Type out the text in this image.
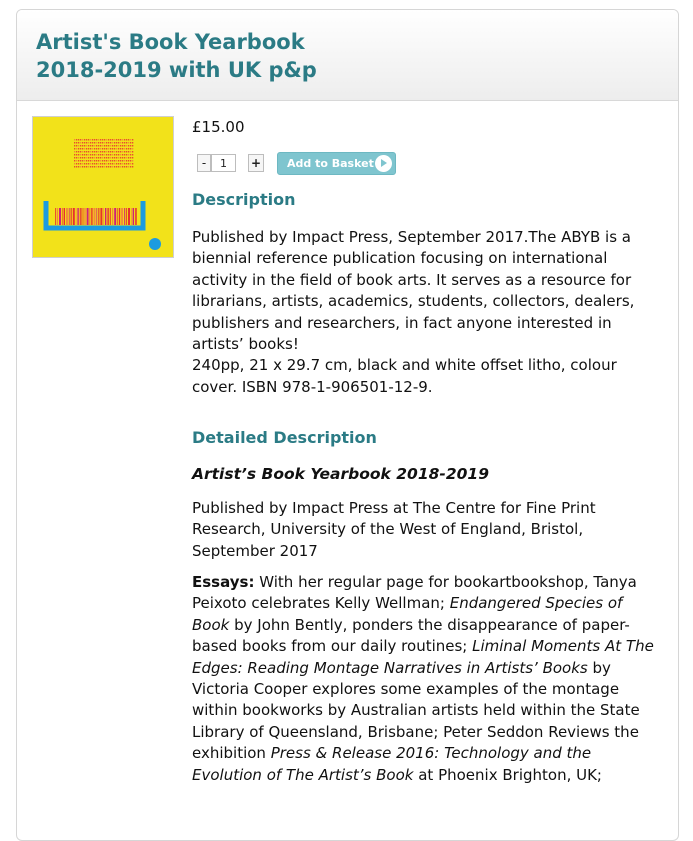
Artist's Book Yearbook
2018-2019 with UK p&p
£15.00
-
1	+	Add to Basket
Description

Published by Impact Press, September 2017.The ABYB is a biennial reference publication focusing on international activity in the field of book arts. It serves as a resource for librarians, artists, academics, students, collectors, dealers, publishers and researchers, in fact anyone interested in artists’ books!
240pp, 21 x 29.7 cm, black and white offset litho, colour cover. ISBN 978-1-906501-12-9.

Detailed Description

Artist’s Book Yearbook 2018-2019

Published by Impact Press at The Centre for Fine Print Research, University of the West of England, Bristol, September 2017

Essays: With her regular page for bookartbookshop, Tanya Peixoto celebrates Kelly Wellman; Endangered Species of Book by John Bently, ponders the disappearance of paper-based books from our daily routines; Liminal Moments At The Edges: Reading Montage Narratives in Artists’ Books by Victoria Cooper explores some examples of the montage within bookworks by Australian artists held within the State Library of Queensland, Brisbane; Peter Seddon Reviews the exhibition Press & Release 2016: Technology and the Evolution of The Artist’s Book at Phoenix Brighton, UK;
